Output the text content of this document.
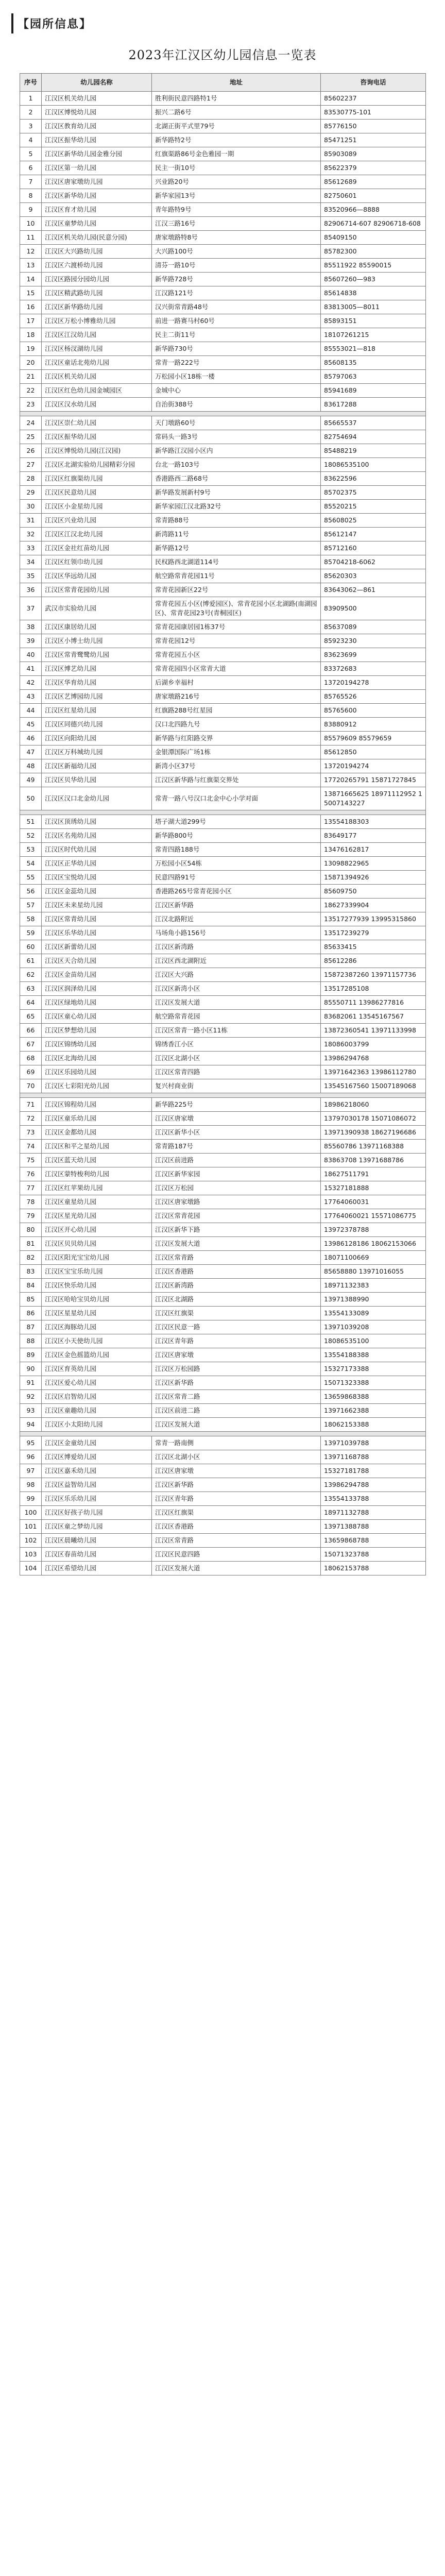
【园所信息】
2023年江汉区幼儿园信息一览表
序号	幼儿园名称	地址	咨询电话
1	江汉区机关幼儿园	胜利街民意四路特1号	85602237
2	江汉区博悦幼儿园	振兴二路6号	83530775-101
3	江汉区教育幼儿园	北湖正街平式里79号	85776150
4	江汉区振华幼儿园	新华路特2号	85471251
5	江汉区新华幼儿园金雅分园	红旗渠路86号金色雅园一期	85903089
6	江汉区第一幼儿园	民主一街10号	85622379
7	江汉区唐家墩幼儿园	兴业路20号	85612689
8	江汉区新华幼儿园	新华家园13号	82750601
9	江汉区育才幼儿园	青年路特9号	83520966—8888
10	江汉区童梦幼儿园	江汉三路16号	82906714-607 82906718-608
11	江汉区机关幼儿园(民意分园)	唐家墩路特8号	85409150
12	江汉区大兴路幼儿园	大兴路100号	85782300
13	江汉区六渡桥幼儿园	清芬一路10号	85511922 85590015
14	江汉区路园分园幼儿园	新华路728号	85607260—983
15	江汉区精武路幼儿园	江汉路121号	85614838
16	江汉区新华路幼儿园	汉兴街常青路48号	83813005—8011
17	江汉区万松小博雅幼儿园	前进一路赛马村60号	85893151
18	江汉区江汉幼儿园	民主二街11号	18107261215
19	江汉区杨汊湖幼儿园	新华路730号	85553021—818
20	江汉区童话北苑幼儿园	常青一路222号	85608135
21	江汉区机关幼儿园	万松园小区18栋一楼	85797063
22	江汉区红色幼儿园金城园区	金城中心	85941689
23	江汉区汉水幼儿园	自治街388号	83617288

24	江汉区崇仁幼儿园	天门墩路60号	85665537
25	江汉区振华幼儿园	常码头一路3号	82754694
26	江汉区博悦幼儿园(江汉园)	新华路江汉园小区内	85488219
27	江汉区北湖实验幼儿园精彩分园	台北一路103号	18086535100
28	江汉区红旗渠幼儿园	香港路西二路68号	83622596
29	江汉区民意幼儿园	新华路发展新村9号	85702375
30	江汉区小金星幼儿园	新华家园江汉北路32号	85520215
31	江汉区兴业幼儿园	常青路88号	85608025
32	江汉区江汉北幼儿园	新湾路11号	85612147
33	江汉区金社红苗幼儿园	新华路12号	85712160
34	江汉区红领巾幼儿园	民权路西北湖道114号	85704218-6062
35	江汉区华远幼儿园	航空路常青花园11号	85620303
36	江汉区常青花园幼儿园	常青花园新区22号	83643062—861
37	武汉市实验幼儿园	常青花园五小区(博爱园区)、常青花园小区北湖路(南湖园区)、常青花园23号(青桐园区)	83909500
38	江汉区康居幼儿园	常青花园康居园1栋37号	85637089
39	江汉区小博士幼儿园	常青花园12号	85923230
40	江汉区常青鹭鹭幼儿园	常青花园五小区	83623699
41	江汉区博艺幼儿园	常青花园四小区常青大道	83372683
42	江汉区华育幼儿园	后湖乡幸福村	13720194278
43	江汉区艺博园幼儿园	唐家墩路216号	85765526
44	江汉区红星幼儿园	红旗路288号红星园	85765600
45	江汉区同德兴幼儿园	汉口北四路九号	83880912
46	江汉区向阳幼儿园	新华路与红阳路交界	85579609 85579659
47	江汉区万科城幼儿园	金银潭国际广场1栋	85612850
48	江汉区新福幼儿园	新湾小区37号	13720194274
49	江汉区贝华幼儿园	江汉区新华路与红旗渠交界处	17720265791 15871727845
50	江汉区汉口北金幼儿园	常青一路八号汉口北金中心小学对面	13871665625 18971112952 15007143227

51	江汉区顶琇幼儿园	塔子湖大道299号	13554188303
52	江汉区名苑幼儿园	新华路800号	83649177
53	江汉区时代幼儿园	常青四路188号	13476162817
54	江汉区正华幼儿园	万松园小区54栋	13098822965
55	江汉区宝悦幼儿园	民意四路91号	15871394926
56	江汉区金蕊幼儿园	香港路265号常青花园小区	85609750
57	江汉区未来星幼儿园	江汉区新华路	18627339904
58	江汉区常青幼儿园	江汉北路附近	13517277939 13995315860
59	江汉区乐华幼儿园	马场角小路156号	13517239279
60	江汉区新蕾幼儿园	江汉区新湾路	85633415
61	江汉区天合幼儿园	江汉区西北湖附近	85612286
62	江汉区金苗幼儿园	江汉区大兴路	15872387260 13971157736
63	江汉区润泽幼儿园	江汉区新湾小区	13517285108
64	江汉区绿地幼儿园	江汉区发展大道	85550711 13986277816
65	江汉区童心幼儿园	航空路常青花园	83682061 13545167567
66	江汉区梦想幼儿园	江汉区常青一路小区11栋	13872360541 13971133998
67	江汉区锦绣幼儿园	锦绣香江小区	18086003799
68	江汉区北海幼儿园	江汉区北湖小区	13986294768
69	江汉区乐园幼儿园	江汉区常青四路	13971642363 13986112780
70	江汉区七彩阳光幼儿园	复兴村商业街	13545167560 15007189068

71	江汉区锦程幼儿园	新华路225号	18986218060
72	江汉区童乐幼儿园	江汉区唐家墩	13797030178 15071086072
73	江汉区金都幼儿园	江汉区新华小区	13971390938 18627196686
74	江汉区和平之星幼儿园	常青路187号	85560786 13971168388
75	江汉区蓝天幼儿园	江汉区前进路	83863708 13971688786
76	江汉区蒙特梭利幼儿园	江汉区新华家园	18627511791
77	江汉区红苹果幼儿园	江汉区万松园	15327181888
78	江汉区童星幼儿园	江汉区唐家墩路	17764060031
79	江汉区星光幼儿园	江汉区常青花园	17764060021 15571086775
80	江汉区开心幼儿园	江汉区新华下路	13972378788
81	江汉区贝贝幼儿园	江汉区发展大道	13986128186 18062153066
82	江汉区阳光宝宝幼儿园	江汉区常青路	18071100669
83	江汉区宝宝乐幼儿园	江汉区香港路	85658880 13971016055
84	江汉区快乐幼儿园	江汉区新湾路	18971132383
85	江汉区哈哈宝贝幼儿园	江汉区北湖路	13971388990
86	江汉区星星幼儿园	江汉区红旗渠	13554133089
87	江汉区海豚幼儿园	江汉区民意一路	13971039208
88	江汉区小天使幼儿园	江汉区青年路	18086535100
89	江汉区金色摇篮幼儿园	江汉区唐家墩	13554188388
90	江汉区育英幼儿园	江汉区万松园路	15327173388
91	江汉区爱心幼儿园	江汉区新华路	15071323388
92	江汉区启智幼儿园	江汉区常青二路	13659868388
93	江汉区童趣幼儿园	江汉区前进二路	13971662388
94	江汉区小太阳幼儿园	江汉区发展大道	18062153388

95	江汉区金童幼儿园	常青一路南侧	13971039788
96	江汉区博爱幼儿园	江汉区北湖小区	13971168788
97	江汉区嘉禾幼儿园	江汉区唐家墩	15327181788
98	江汉区益智幼儿园	江汉区新华路	13986294788
99	江汉区乐乐幼儿园	江汉区青年路	13554133788
100	江汉区好孩子幼儿园	江汉区红旗渠	18971132788
101	江汉区童之梦幼儿园	江汉区香港路	13971388788
102	江汉区晨曦幼儿园	江汉区常青路	13659868788
103	江汉区春苗幼儿园	江汉区民意四路	15071323788
104	江汉区希望幼儿园	江汉区发展大道	18062153788
